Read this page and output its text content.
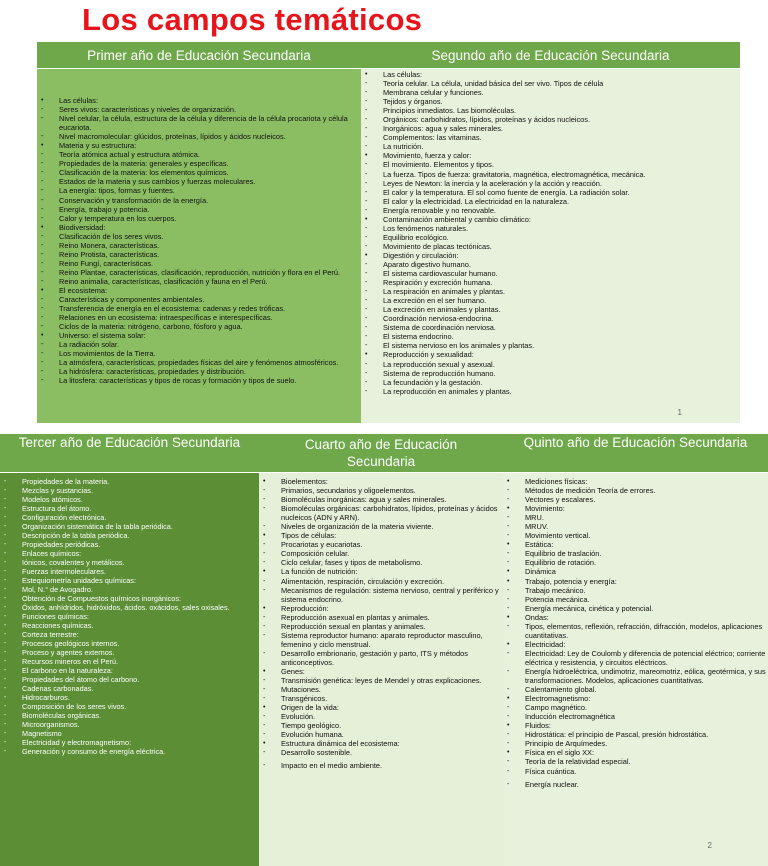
Los campos temáticos
Primer año de Educación Secundaria
•	Las células:
-	Seres vivos: características y niveles de organización.
-	Nivel celular, la célula, estructura de la célula y diferencia de la célula procariota y célula eucariota.
-	Nivel macromolecular: glúcidos, proteínas, lípidos y ácidos nucleicos.
•	Materia y su estructura:
-	Teoría atómica actual y estructura atómica.
-	Propiedades de la materia: generales y específicas.
-	Clasificación de la materia: los elementos químicos.
-	Estados de la materia y sus cambios y fuerzas moleculares.
-	La energía: tipos, formas y fuentes.
-	Conservación y transformación de la energía.
-	Energía, trabajo y potencia.
-	Calor y temperatura en los cuerpos.
•	Biodiversidad:
-	Clasificación de los seres vivos.
-	Reino Monera, características.
-	Reino Protista, características.
-	Reino Fungí, características.
-	Reino Plantae, características, clasificación, reproducción, nutrición y flora en el Perú.
-	Reino animalia, características, clasificación y fauna en el Perú.
•	El ecosistema:
-	Características y componentes ambientales.
-	Transferencia de energía en el ecosistema: cadenas y redes tróficas.
-	Relaciones en un ecosistema: intraespecíficas e interespecíficas.
-	Ciclos de la materia: nitrógeno, carbono, fósforo y agua.
•	Universo: el sistema solar:
-	La radiación solar.
-	Los movimientos de la Tierra.
-	La atmósfera, características, propiedades físicas del aire y fenómenos atmosféricos.
-	La hidrósfera: características, propiedades y distribución.
-	La litosfera: características y tipos de rocas y formación y tipos de suelo.
Segundo año de Educación Secundaria
•	Las células:
-	Teoría celular. La célula, unidad básica del ser vivo. Tipos de célula
-	Membrana celular y funciones.
-	Tejidos y órganos.
-	Principios inmediatos. Las biomoléculas.
-	Orgánicos: carbohidratos, lípidos, proteínas y ácidos nucleicos.
-	Inorgánicos: agua y sales minerales.
-	Complementos: las vitaminas.
-	La nutrición.
•	Movimiento, fuerza y calor:
-	El movimiento. Elementos y tipos.
-	La fuerza. Tipos de fuerza: gravitatoria, magnética, electromagnética, mecánica.
-	Leyes de Newton: la inercia y la aceleración y la acción y reacción.
-	El calor y la temperatura. El sol como fuente de energía. La radiación solar.
-	El calor y la electricidad. La electricidad en la naturaleza.
-	Energía renovable y no renovable.
•	Contaminación ambiental y cambio climático:
-	Los fenómenos naturales.
-	Equilibrio ecológico.
-	Movimiento de placas tectónicas.
•	Digestión y circulación:
-	Aparato digestivo humano.
-	El sistema cardiovascular humano.
-	Respiración y excreción humana.
-	La respiración en animales y plantas.
-	La excreción en el ser humano.
-	La excreción en animales y plantas.
-	Coordinación nerviosa-endocrina.
-	Sistema de coordinación nerviosa.
-	El sistema endocrino.
-	El sistema nervioso en los animales y plantas.
•	Reproducción y sexualidad:
-	La reproducción sexual y asexual.
-	Sistema de reproducción humano.
-	La fecundación y la gestación.
-	La reproducción en animales y plantas.
1
Tercer año de Educación Secundaria
-	Propiedades de la materia.
-	Mezclas y sustancias.
-	Modelos atómicos.
-	Estructura del átomo.
-	Configuración electrónica.
-	Organización sistemática de la tabla periódica.
-	Descripción de la tabla periódica.
-	Propiedades periódicas.
-	Enlaces químicos:
-	Iónicos, covalentes y metálicos.
-	Fuerzas intermoleculares.
-	Estequiometría unidades químicas:
-	Mol, N.° de Avogadro.
-	Obtención de Compuestos químicos inorgánicos:
-	Óxidos, anhídridos, hidróxidos, ácidos. oxácidos, sales oxisales.
-	Funciones químicas:
-	Reacciones químicas.
-	Corteza terrestre:
-	Procesos geológicos internos.
-	Proceso y agentes externos.
-	Recursos mineros en el Perú.
-	El carbono en la naturaleza:
-	Propiedades del átomo del carbono.
-	Cadenas carbonadas.
-	Hidrocarburos.
-	Composición de los seres vivos.
-	Biomoléculas orgánicas.
-	Microorganismos.
-	Magnetismo
-	Electricidad y electromagnetismo:
-	Generación y consumo de energía eléctrica.
Cuarto año de Educación
Secundaria
•	Bioelementos:
-	Primarios, secundarios y oligoelementos.
-	Biomoléculas inorgánicas: agua y sales minerales.
-	Biomoléculas orgánicas: carbohidratos, lípidos, proteínas y ácidos nucleicos (ADN y ARN).
-	Niveles de organización de la materia viviente.
•	Tipos de células:
-	Procariotas y eucariotas.
-	Composición celular.
-	Ciclo celular, fases y tipos de metabolismo.
•	La función de nutrición:
-	Alimentación, respiración, circulación y excreción.
-	Mecanismos de regulación: sistema nervioso, central y periférico y sistema endocrino.
•	Reproducción:
-	Reproducción asexual en plantas y animales.
-	Reproducción sexual en plantas y animales.
-	Sistema reproductor humano: aparato reproductor masculino, femenino y ciclo menstrual.
-	Desarrollo embrionario, gestación y parto, ITS y métodos anticonceptivos.
•	Genes:
-	Transmisión genética: leyes de Mendel y otras explicaciones.
-	Mutaciones.
-	Transgénicos.
•	Origen de la vida:
-	Evolución.
-	Tiempo geológico.
-	Evolución humana.
•	Estructura dinámica del ecosistema:
-	Desarrollo sostenible.
-	Impacto en el medio ambiente.
Quinto año de Educación Secundaria
•	Mediciones físicas:
-	Métodos de medición Teoría de errores.
-	Vectores y escalares.
•	Movimiento:
-	MRU.
-	MRUV.
-	Movimiento vertical.
•	Estática:
-	Equilibrio de traslación.
-	Equilibrio de rotación.
•	Dinámica
•	Trabajo, potencia y energía:
-	Trabajo mecánico.
-	Potencia mecánica.
-	Energía mecánica, cinética y potencial.
•	Ondas:
-	Tipos, elementos, reflexión, refracción, difracción, modelos, aplicaciones cuantitativas.
•	Electricidad:
-	Electricidad: Ley de Coulomb y diferencia de potencial eléctrico; corriente eléctrica y resistencia, y circuitos eléctricos.
-	Energía hidroeléctrica, undimotriz, mareomotriz, eólica, geotérmica, y sus transformaciones. Modelos, aplicaciones cuantitativas.
-	Calentamiento global.
•	Electromagnetismo:
-	Campo magnético.
-	Inducción electromagnética
•	Fluidos:
-	Hidrostática: el principio de Pascal, presión hidrostática.
-	Principio de Arquímedes.
•	Física en el siglo XX:
-	Teoría de la relatividad especial.
-	Física cuántica.
-	Energía nuclear.
2
